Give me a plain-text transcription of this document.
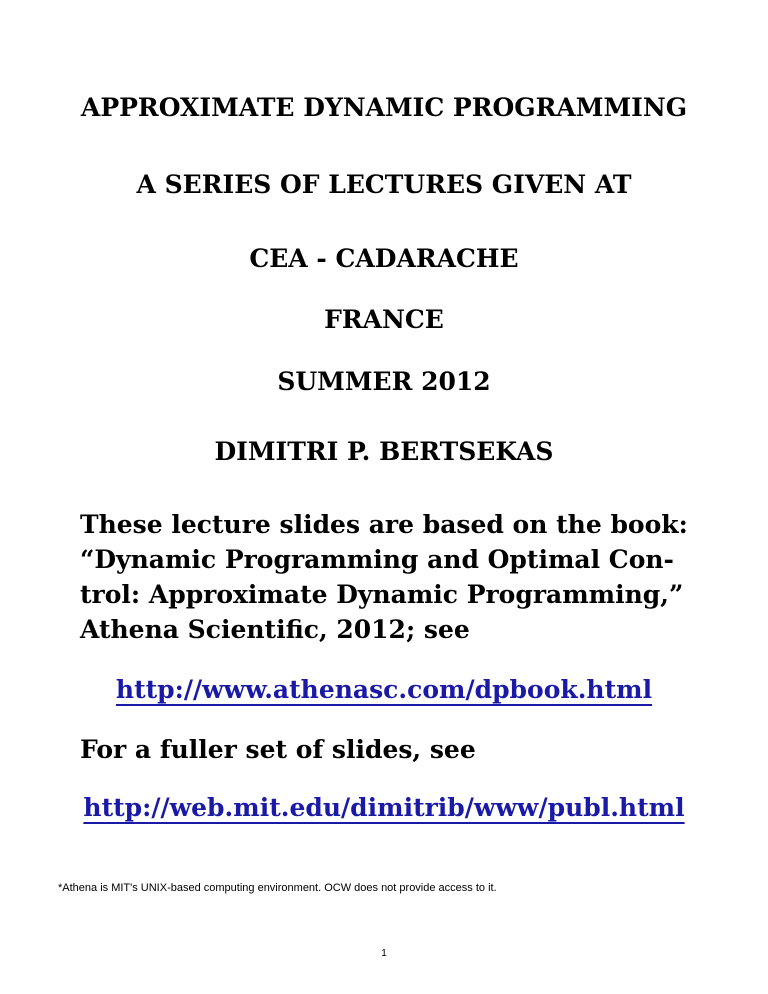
APPROXIMATE DYNAMIC PROGRAMMING
A SERIES OF LECTURES GIVEN AT
CEA - CADARACHE
FRANCE
SUMMER 2012
DIMITRI P. BERTSEKAS
These lecture slides are based on the book:
“Dynamic Programming and Optimal Con-
trol: Approximate Dynamic Programming,”
Athena Scientific, 2012; see
http://www.athenasc.com/dpbook.html
For a fuller set of slides, see
http://web.mit.edu/dimitrib/www/publ.html
*Athena is MIT's UNIX-based computing environment. OCW does not provide access to it.
1
